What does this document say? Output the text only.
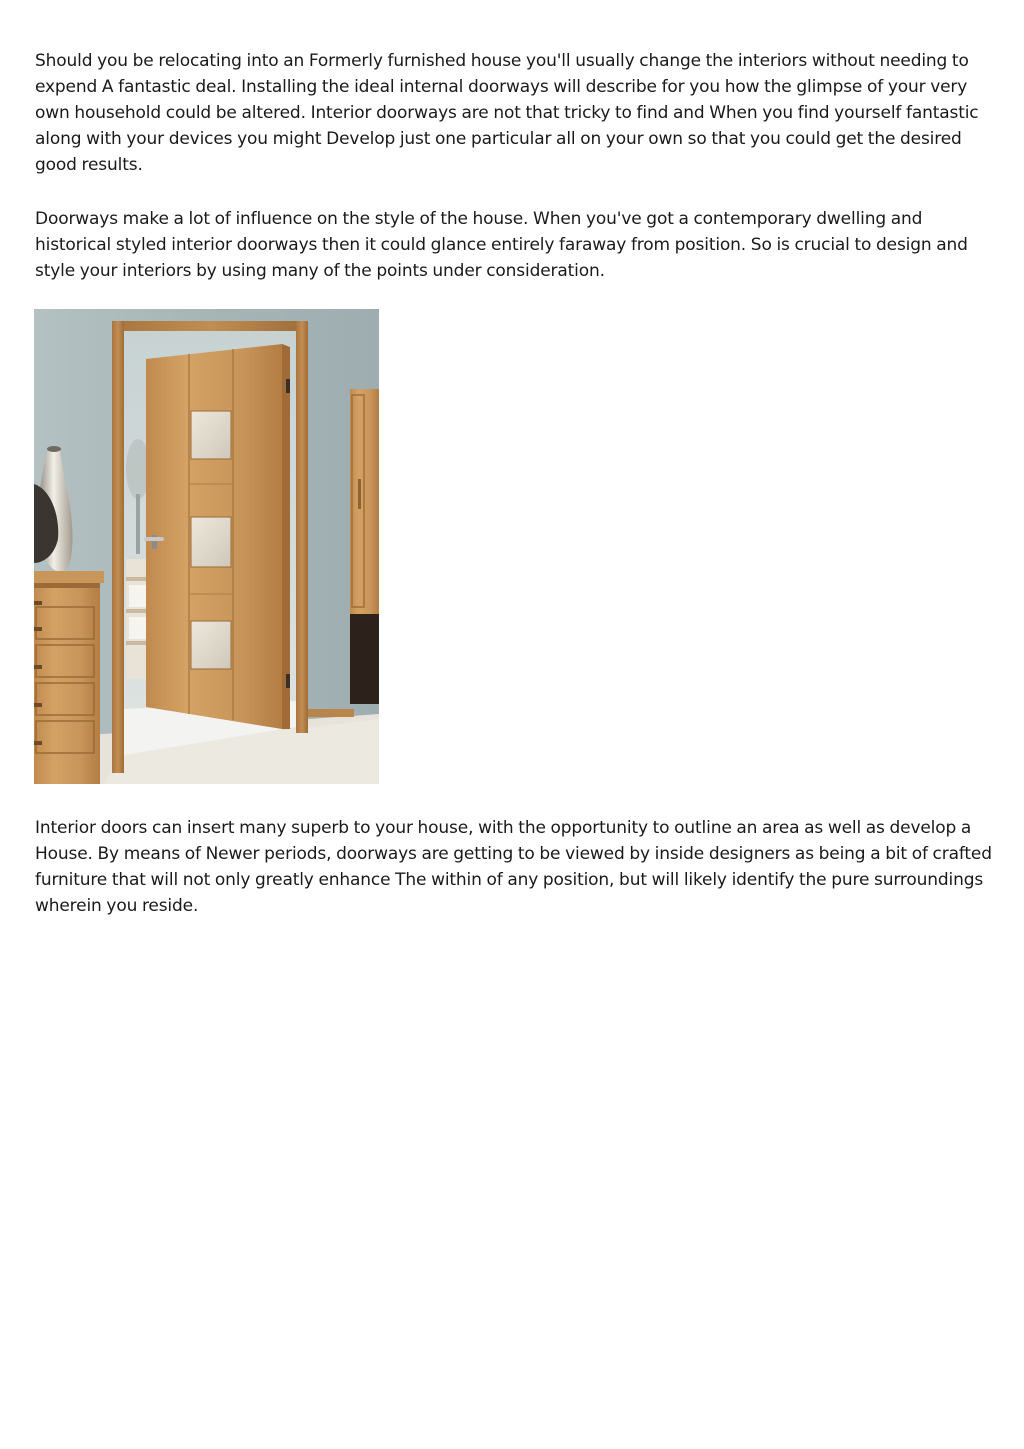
Should you be relocating into an Formerly furnished house you'll usually change the interiors without needing to expend A fantastic deal. Installing the ideal internal doorways will describe for you how the glimpse of your very own household could be altered. Interior doorways are not that tricky to find and When you find yourself fantastic along with your devices you might Develop just one particular all on your own so that you could get the desired good results.

Doorways make a lot of influence on the style of the house. When you've got a contemporary dwelling and historical styled interior doorways then it could glance entirely faraway from position. So is crucial to design and style your interiors by using many of the points under consideration.

Interior doors can insert many superb to your house, with the opportunity to outline an area as well as develop a House. By means of Newer periods, doorways are getting to be viewed by inside designers as being a bit of crafted furniture that will not only greatly enhance The within of any position, but will likely identify the pure surroundings wherein you reside.
